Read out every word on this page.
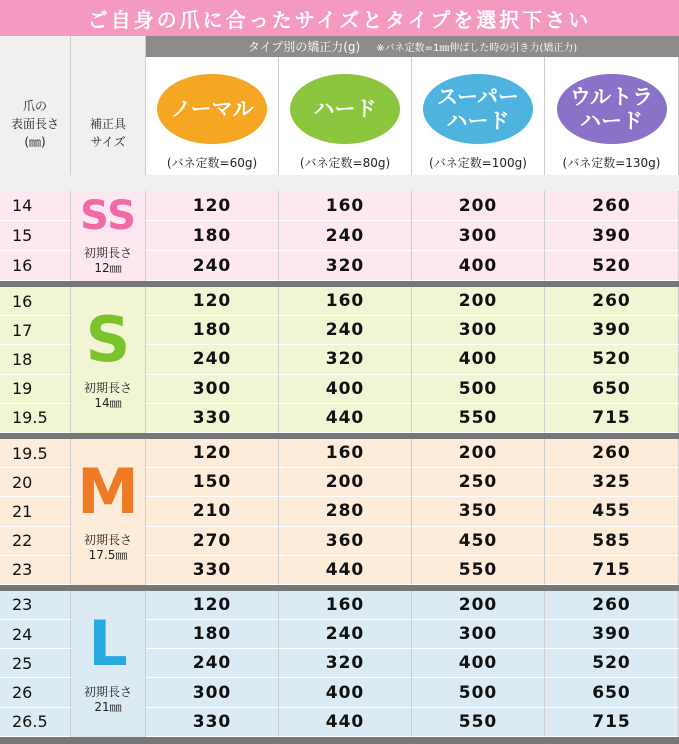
ご自身の爪に合ったサイズとタイプを選択下さい
タイプ別の矯正力(g) ※バネ定数=1㎜伸ばした時の引き力(矯正力)
爪の
表面長さ
(㎜)
補正具
サイズ
ノーマル
(バネ定数=60g)
ハード
(バネ定数=80g)
スーパー
ハード
(バネ定数=100g)
ウルトラ
ハード
(バネ定数=130g)
SS
初期長さ
12㎜
14	120	160	200	260
15	180	240	300	390
16	240	320	400	520
S
初期長さ
14㎜
16	120	160	200	260
17	180	240	300	390
18	240	320	400	520
19	300	400	500	650
19.5	330	440	550	715
M
初期長さ
17.5㎜
19.5	120	160	200	260
20	150	200	250	325
21	210	280	350	455
22	270	360	450	585
23	330	440	550	715
L
初期長さ
21㎜
23	120	160	200	260
24	180	240	300	390
25	240	320	400	520
26	300	400	500	650
26.5	330	440	550	715
